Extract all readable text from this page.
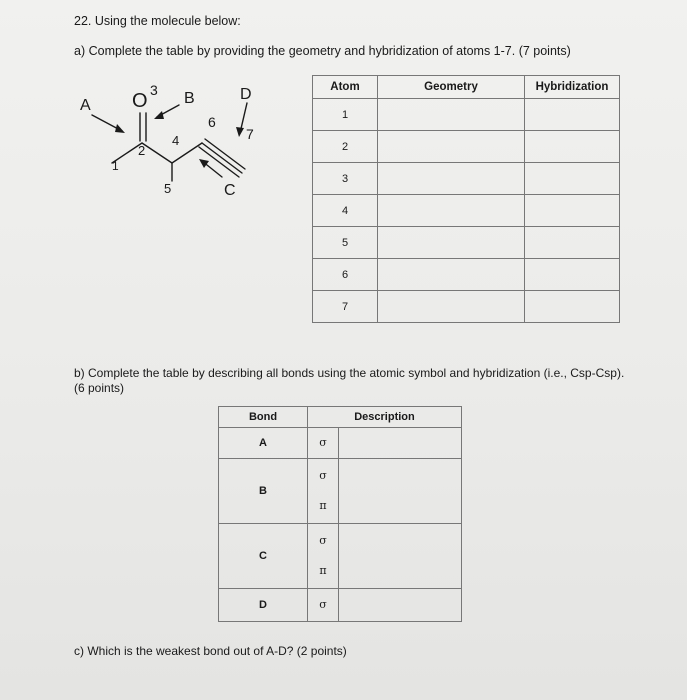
22. Using the molecule below:
a) Complete the table by providing the geometry and hybridization of atoms 1-7. (7 points)
A	B
C
D
O
1
2
3
4
5
6
7
Atom	Geometry	Hybridization
1		
2		
3		
4		
5		
6		
7		
b) Complete the table by describing all bonds using the atomic symbol and hybridization (i.e., Csp-Csp). (6 points)
Bond	Description	
A	σ	

B	σ
π	

C	σ
π	

D	σ	

c) Which is the weakest bond out of A-D? (2 points)
